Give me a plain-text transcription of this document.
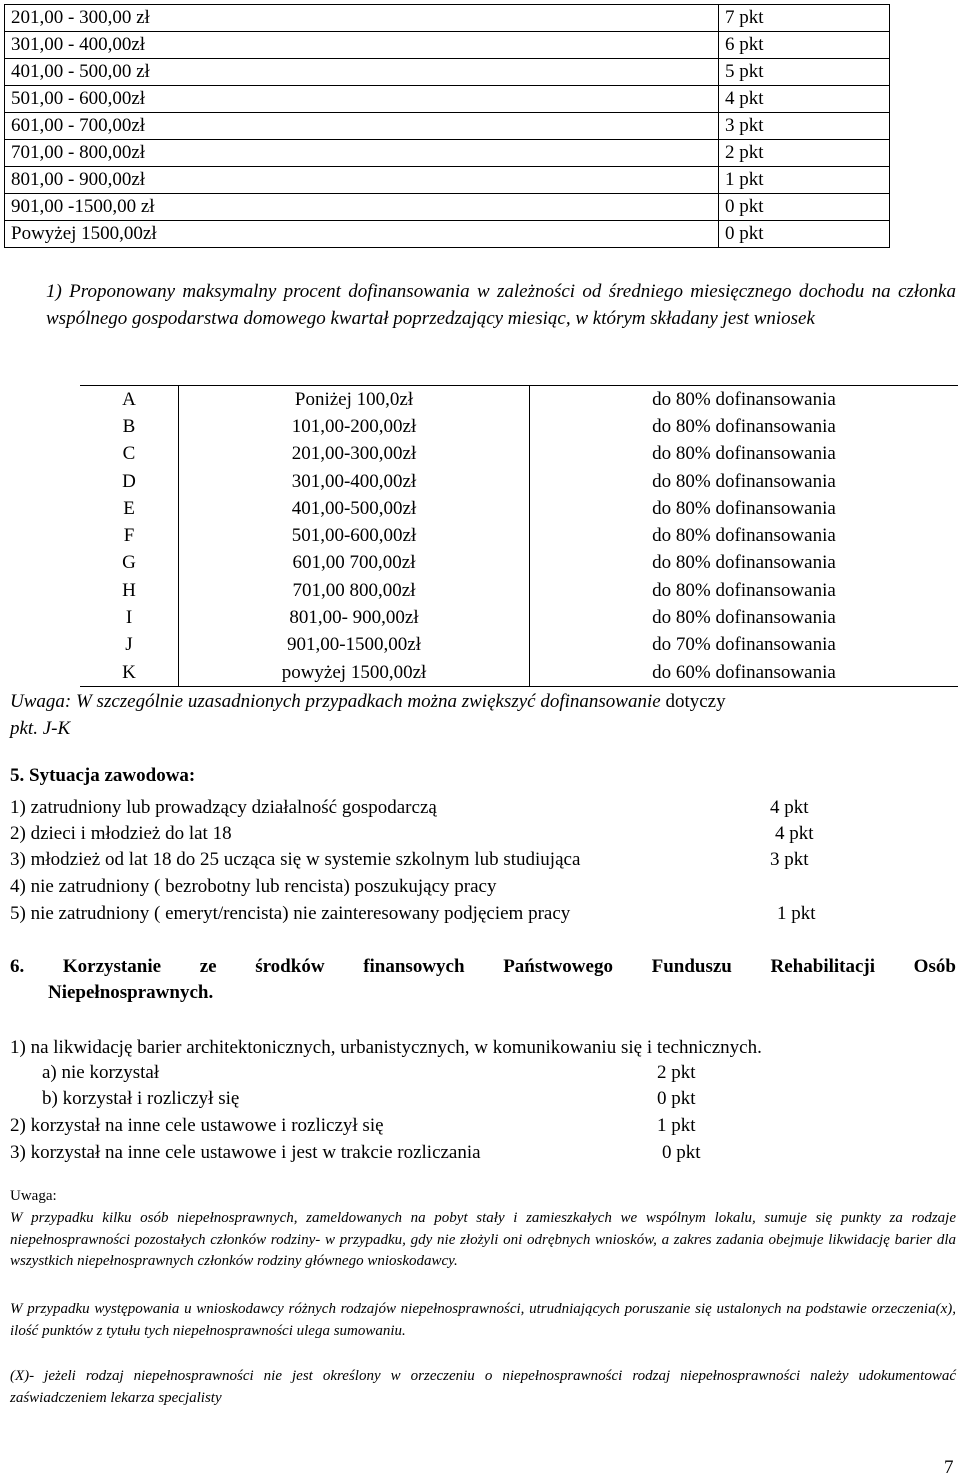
201,00 - 300,00 zł	7 pkt
301,00 - 400,00zł	6 pkt
401,00 - 500,00 zł	5 pkt
501,00 - 600,00zł	4 pkt
601,00 - 700,00zł	3 pkt
701,00 - 800,00zł	2 pkt
801,00 - 900,00zł	1 pkt
901,00 -1500,00 zł	0 pkt
Powyżej 1500,00zł	0 pkt
1) Proponowany maksymalny procent dofinansowania w zależności od średniego miesięcznego dochodu na członka wspólnego gospodarstwa domowego kwartał poprzedzający miesiąc, w którym składany jest wniosek
A	Poniżej 100,0zł	do 80% dofinansowania
B	101,00-200,00zł	do 80% dofinansowania
C	201,00-300,00zł	do 80% dofinansowania
D	301,00-400,00zł	do 80% dofinansowania
E	401,00-500,00zł	do 80% dofinansowania
F	501,00-600,00zł	do 80% dofinansowania
G	601,00 700,00zł	do 80% dofinansowania
H	701,00 800,00zł	do 80% dofinansowania
I	801,00- 900,00zł	do 80% dofinansowania
J	901,00-1500,00zł	do 70% dofinansowania
K	powyżej 1500,00zł	do 60% dofinansowania
Uwaga: W szczególnie uzasadnionych przypadkach można zwiększyć dofinansowanie dotyczy
pkt. J-K
5. Sytuacja zawodowa:
1) zatrudniony lub prowadzący działalność gospodarczą	4 pkt
2) dzieci i młodzież do lat 18	4 pkt
3) młodzież od lat 18 do 25 ucząca się w systemie szkolnym lub studiująca	3 pkt
4) nie zatrudniony ( bezrobotny lub rencista) poszukujący pracy
5) nie zatrudniony ( emeryt/rencista) nie zainteresowany podjęciem pracy	1 pkt
6. Korzystanie ze środków finansowych Państwowego Funduszu Rehabilitacji Osób
Niepełnosprawnych.
1) na likwidację barier architektonicznych, urbanistycznych, w komunikowaniu się i technicznych.
a) nie korzystał	2 pkt
b) korzystał i rozliczył się	0 pkt
2) korzystał na inne cele ustawowe i rozliczył się	1 pkt
3) korzystał na inne cele ustawowe i jest w trakcie rozliczania	0 pkt
Uwaga:
W przypadku kilku osób niepełnosprawnych, zameldowanych na pobyt stały i zamieszkałych we wspólnym lokalu, sumuje się punkty za rodzaje niepełnosprawności pozostałych członków rodziny- w przypadku, gdy nie złożyli oni odrębnych wniosków, a zakres zadania obejmuje likwidację barier dla wszystkich niepełnosprawnych członków rodziny głównego wnioskodawcy.
W przypadku występowania u wnioskodawcy różnych rodzajów niepełnosprawności, utrudniających poruszanie się ustalonych na podstawie orzeczenia(x), ilość punktów z tytułu tych niepełnosprawności ulega sumowaniu.
(X)- jeżeli rodzaj niepełnosprawności nie jest określony w orzeczeniu o niepełnosprawności rodzaj niepełnosprawności należy udokumentować zaświadczeniem lekarza specjalisty
7
